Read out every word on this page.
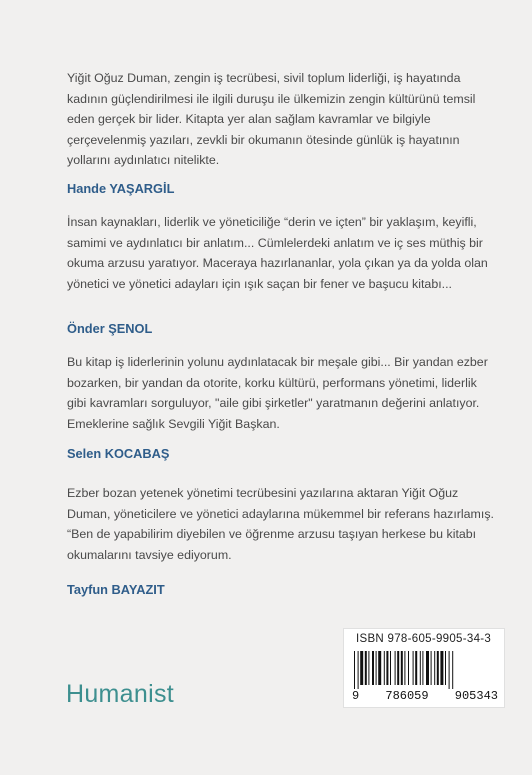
Yiğit Oğuz Duman, zengin iş tecrübesi, sivil toplum liderliği, iş hayatında kadının güçlendirilmesi ile ilgili duruşu ile ülkemizin zengin kültürünü temsil eden gerçek bir lider. Kitapta yer alan sağlam kavramlar ve bilgiyle çerçevelenmiş yazıları, zevkli bir okumanın ötesinde günlük iş hayatının yollarını aydınlatıcı nitelikte.

Hande YAŞARGİL

İnsan kaynakları, liderlik ve yöneticiliğe “derin ve içten” bir yaklaşım, keyifli, samimi ve aydınlatıcı bir anlatım... Cümlelerdeki anlatım ve iç ses müthiş bir okuma arzusu yaratıyor. Maceraya hazırlananlar, yola çıkan ya da yolda olan yönetici ve yönetici adayları için ışık saçan bir fener ve başucu kitabı...

Önder ŞENOL

Bu kitap iş liderlerinin yolunu aydınlatacak bir meşale gibi... Bir yandan ezber bozarken, bir yandan da otorite, korku kültürü, performans yönetimi, liderlik gibi kavramları sorguluyor, "aile gibi şirketler" yaratmanın değerini anlatıyor. Emeklerine sağlık Sevgili Yiğit Başkan.

Selen KOCABAŞ

Ezber bozan yetenek yönetimi tecrübesini yazılarına aktaran Yiğit Oğuz Duman, yöneticilere ve yönetici adaylarına mükemmel bir referans hazırlamış. “Ben de yapabilirim diyebilen ve öğrenme arzusu taşıyan herkese bu kitabı okumalarını tavsiye ediyorum.

Tayfun BAYAZIT

Humanist
ISBN 978-605-9905-34-3
9 786059 905343
